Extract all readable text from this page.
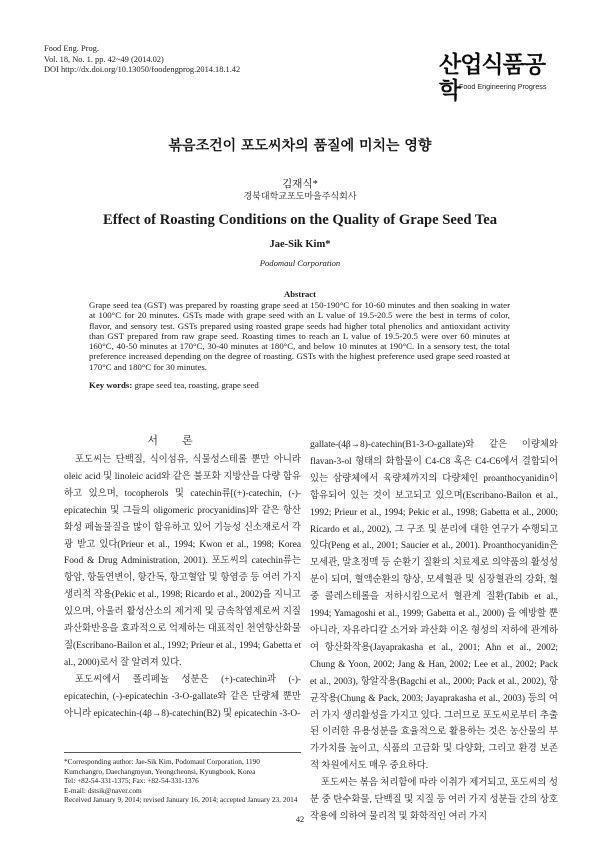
Food Eng. Prog.
Vol. 18, No. 1. pp. 42~49 (2014.02)
DOI http://dx.doi.org/10.13050/foodengprog.2014.18.1.42	산업식품공학
Food Engineering Progress
볶음조건이 포도씨차의 품질에 미치는 영향
김재식*
경북대학교포도마을주식회사
Effect of Roasting Conditions on the Quality of Grape Seed Tea
Jae-Sik Kim*
Podomaul Corporation
Abstract
Grape seed tea (GST) was prepared by roasting grape seed at 150-190°C for 10-60 minutes and then soaking in water at 100°C for 20 minutes. GSTs made with grape seed with an L value of 19.5-20.5 were the best in terms of color, flavor, and sensory test. GSTs prepared using roasted grape seeds had higher total phenolics and antioxidant activity than GST prepared from raw grape seed. Roasting times to reach an L value of 19.5-20.5 were over 60 minutes at 160°C, 40-50 minutes at 170°C, 30-40 minutes at 180°C, and below 10 minutes at 190°C. In a sensory test, the total preference increased depending on the degree of roasting. GSTs with the highest preference used grape seed roasted at 170°C and 180°C for 30 minutes.
Key words: grape seed tea, roasting, grape seed
서론

포도씨는 단백질, 식이섬유, 식물성스테롤 뿐만 아니라 oleic acid 및 linoleic acid와 같은 불포화 지방산을 다량 함유하고 있으며, tocopherols 및 catechin류[(+)-catechin, (-)-epicatechin 및 그들의 oligomeric procyanidins]와 같은 항산화성 페놀물질을 많이 함유하고 있어 기능성 신소재로서 각광 받고 있다(Prieur et al., 1994; Kwon et al., 1998; Korea Food & Drug Administration, 2001). 포도씨의 catechin류는 항암, 항돌연변이, 항간독, 항고혈압 및 항염증 등 여러 가지 생리적 작용(Pekic et al., 1998; Ricardo et al., 2002)을 지니고 있으며, 아울러 활성산소의 제거제 및 금속착염제로써 지질과산화반응을 효과적으로 억제하는 대표적인 천연항산화물질(Escribano-Bailon et al., 1992; Prieur et al., 1994; Gabetta et al., 2000)로서 잘 알려져 있다.

포도씨에서 폴리페놀 성분은 (+)-catechin과 (-)-epicatechin, (-)-epicatechin -3-O-gallate와 같은 단량체 뿐만 아니라 epicatechin-(4β→8)-catechin(B2) 및 epicatechin -3-O-

*Corresponding author: Jae-Sik Kim, Podomaul Corporation, 1190 Kumchangro, Daechangmyun, Yeongcheonsi, Kyungbook, Korea
Tel: +82-54-331-1375; Fax: +82-54-331-1376
E-mail: dstsik@naver.com
Received January 9, 2014; revised January 16, 2014; accepted January 23, 2014

gallate-(4β→8)-catechin(B1-3-O-gallate)와 같은 이량체와 flavan-3-ol 형태의 화합물이 C4-C8 혹은 C4-C6에서 결합되어 있는 삼량체에서 육량체까지의 다량체인 proanthocyanidin이 함유되어 있는 것이 보고되고 있으며(Escribano-Bailon et al., 1992; Prieur et al., 1994; Pekic et al., 1998; Gabetta et al., 2000; Ricardo et al., 2002), 그 구조 및 분리에 대한 연구가 수행되고 있다(Peng et al., 2001; Saucier et al., 2001). Proanthocyanidin은 모세관, 말초정맥 등 순환기 질환의 치료제로 의약품의 활성성분이 되며, 혈액순환의 향상, 모세혈관 및 심장혈관의 강화, 혈중 콜레스테롤을 저하시킴으로서 혈관계 질환(Tabib et al., 1994; Yamagoshi et al., 1999; Gabetta et al., 2000) 을 예방할 뿐 아니라, 자유라디칼 소거와 과산화 이온 형성의 저하에 관계하여 항산화작용(Jayaprakasha et al., 2001; Ahn et al., 2002; Chung & Yoon, 2002; Jang & Han, 2002; Lee et al., 2002; Pack et al., 2003), 항알작용(Bagchi et al., 2000; Pack et al., 2002), 항균작용(Chung & Pack, 2003; Jayaprakasha et al., 2003) 등의 여러 가지 생리활성을 가지고 있다. 그러므로 포도씨로부터 추출된 이러한 유용성분을 효율적으로 활용하는 것은 농산물의 부가가치를 높이고, 식품의 고급화 및 다양화, 그리고 환경 보존적 차원에서도 매우 중요하다.

포도씨는 볶음 처리함에 따라 이취가 제거되고, 포도씨의 성분 중 탄수화물, 단백질 및 지질 등 여러 가지 성분들 간의 상호작용에 의하여 물리적 및 화학적인 여러 가지

42
